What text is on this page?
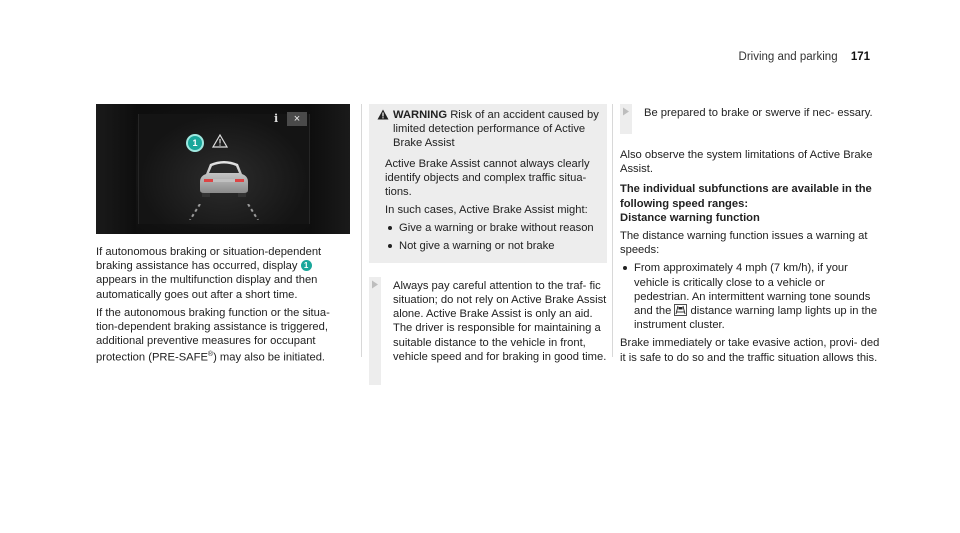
Driving and parking 171
i	×
1

If autonomous braking or situation-dependent braking assistance has occurred, display 1 appears in the multifunction display and then automatically goes out after a short time.

If the autonomous braking function or the situa- tion-dependent braking assistance is triggered, additional preventive measures for occupant protection (PRE-SAFE®) may also be initiated.

WARNING Risk of an accident caused by limited detection performance of Active Brake Assist

Active Brake Assist cannot always clearly identify objects and complex traffic situa- tions.

In such cases, Active Brake Assist might:

Give a warning or brake without reason
Not give a warning or not brake
Always pay careful attention to the traf- fic situation; do not rely on Active Brake Assist alone. Active Brake Assist is only an aid. The driver is responsible for maintaining a suitable distance to the vehicle in front, vehicle speed and for braking in good time.
Be prepared to brake or swerve if nec- essary.

Also observe the system limitations of Active Brake Assist.

The individual subfunctions are available in the following speed ranges:

Distance warning function

The distance warning function issues a warning at speeds:

From approximately 4 mph (7 km/h), if your vehicle is critically close to a vehicle or pedestrian. An intermittent warning tone sounds and the distance warning lamp lights up in the instrument cluster.

Brake immediately or take evasive action, provi- ded it is safe to do so and the traffic situation allows this.
